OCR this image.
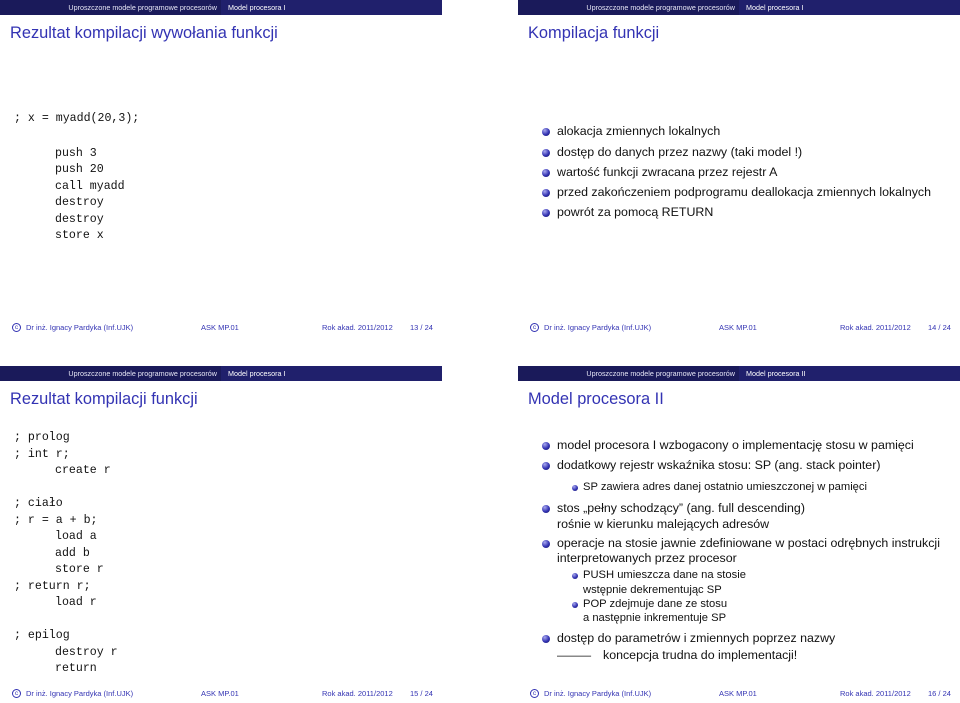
Uproszczone modele programowe procesorów	Model procesora I
Rezultat kompilacji wywołania funkcji
; x = myadd(20,3);
push 3
push 20
call myadd
destroy
destroy
store x
c	Dr inż. Ignacy Pardyka (Inf.UJK)	ASK MP.01	Rok akad. 2011/2012 13 / 24
Uproszczone modele programowe procesorów	Model procesora I
Kompilacja funkcji
alokacja zmiennych lokalnych
dostęp do danych przez nazwy (taki model !)
wartość funkcji zwracana przez rejestr A
przed zakończeniem podprogramu deallokacja zmiennych lokalnych
powrót za pomocą RETURN
c	Dr inż. Ignacy Pardyka (Inf.UJK)	ASK MP.01	Rok akad. 2011/2012 14 / 24
Uproszczone modele programowe procesorów	Model procesora I
Rezultat kompilacji funkcji
; prolog
; int r;
create r
; ciało
; r = a + b;
load a
add b
store r
; return r;
load r
; epilog
destroy r
return
c	Dr inż. Ignacy Pardyka (Inf.UJK)	ASK MP.01	Rok akad. 2011/2012 15 / 24
Uproszczone modele programowe procesorów	Model procesora II
Model procesora II
model procesora I wzbogacony o implementację stosu w pamięci
dodatkowy rejestr wskaźnika stosu: SP (ang. stack pointer)
SP zawiera adres danej ostatnio umieszczonej w pamięci
stos „pełny schodzący” (ang. full descending)
rośnie w kierunku malejących adresów
operacje na stosie jawnie zdefiniowane w postaci odrębnych instrukcji
interpretowanych przez procesor
PUSH umieszcza dane na stosie
wstępnie dekrementując SP
POP zdejmuje dane ze stosu
a następnie inkrementuje SP
dostęp do parametrów i zmiennych poprzez nazwy
— koncepcja trudna do implementacji!
c	Dr inż. Ignacy Pardyka (Inf.UJK)	ASK MP.01	Rok akad. 2011/2012 16 / 24
